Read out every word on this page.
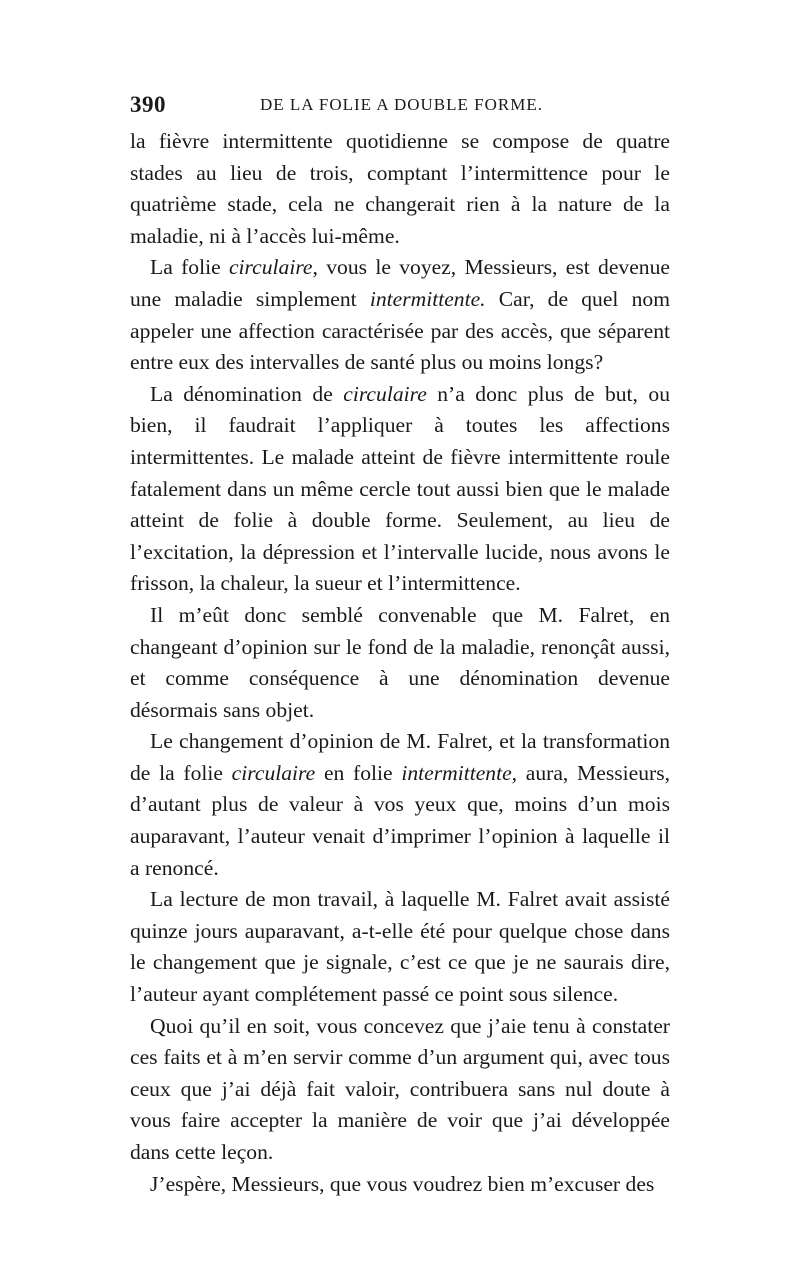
390	DE LA FOLIE A DOUBLE FORME.

la fièvre intermittente quotidienne se compose de quatre stades au lieu de trois, comptant l’intermittence pour le quatrième stade, cela ne changerait rien à la nature de la maladie, ni à l’accès lui-même.

La folie circulaire, vous le voyez, Messieurs, est devenue une maladie simplement intermittente. Car, de quel nom appeler une affection caractérisée par des accès, que séparent entre eux des intervalles de santé plus ou moins longs?

La dénomination de circulaire n’a donc plus de but, ou bien, il faudrait l’appliquer à toutes les affections intermittentes. Le malade atteint de fièvre intermittente roule fatalement dans un même cercle tout aussi bien que le malade atteint de folie à double forme. Seulement, au lieu de l’excitation, la dépression et l’intervalle lucide, nous avons le frisson, la chaleur, la sueur et l’intermittence.

Il m’eût donc semblé convenable que M. Falret, en changeant d’opinion sur le fond de la maladie, renonçât aussi, et comme conséquence à une dénomination devenue désormais sans objet.

Le changement d’opinion de M. Falret, et la transformation de la folie circulaire en folie intermittente, aura, Messieurs, d’autant plus de valeur à vos yeux que, moins d’un mois auparavant, l’auteur venait d’imprimer l’opinion à laquelle il a renoncé.

La lecture de mon travail, à laquelle M. Falret avait assisté quinze jours auparavant, a-t-elle été pour quelque chose dans le changement que je signale, c’est ce que je ne saurais dire, l’auteur ayant complétement passé ce point sous silence.

Quoi qu’il en soit, vous concevez que j’aie tenu à constater ces faits et à m’en servir comme d’un argument qui, avec tous ceux que j’ai déjà fait valoir, contribuera sans nul doute à vous faire accepter la manière de voir que j’ai développée dans cette leçon.

J’espère, Messieurs, que vous voudrez bien m’excuser des
